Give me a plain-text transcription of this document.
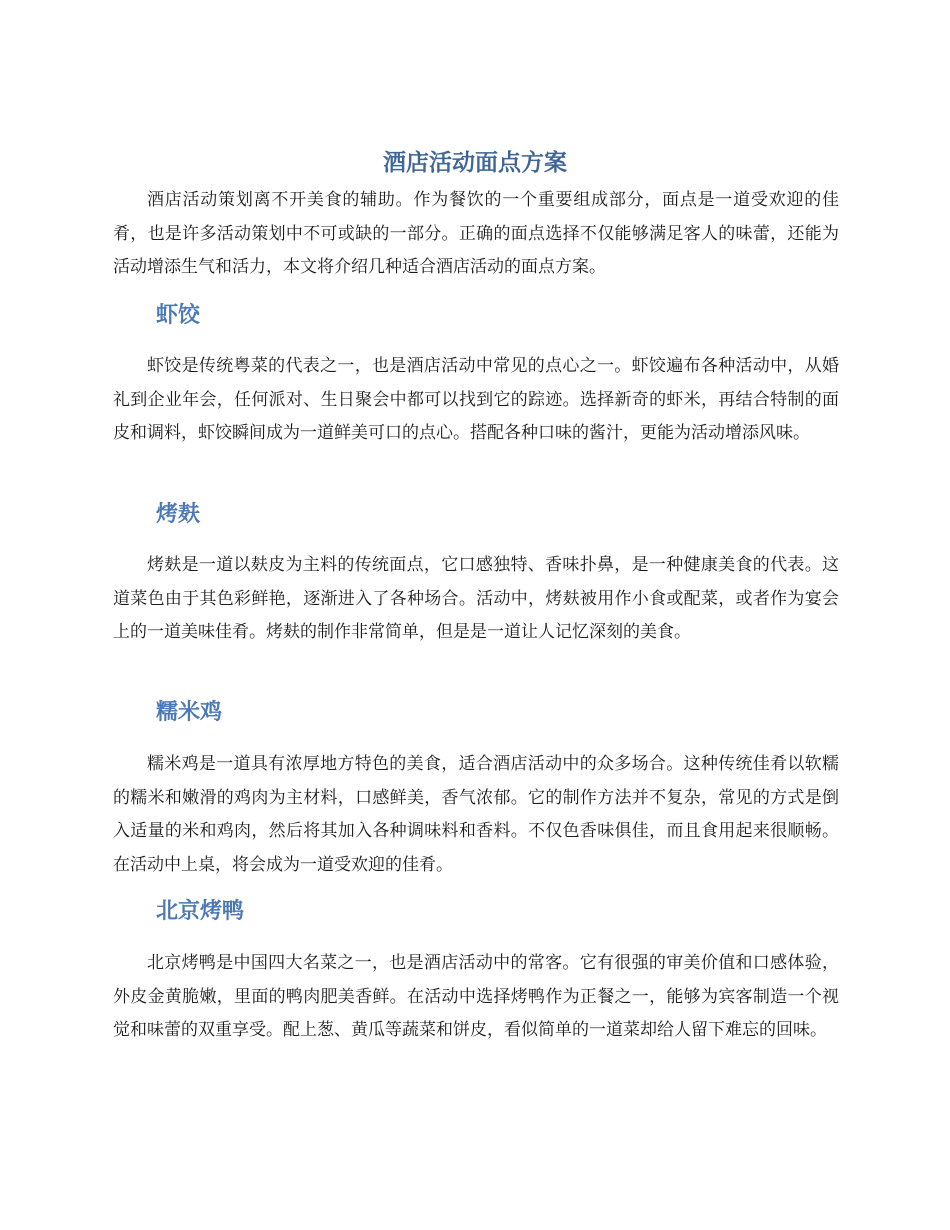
酒店活动面点方案

酒店活动策划离不开美食的辅助。作为餐饮的一个重要组成部分，面点是一道受欢迎的佳肴，也是许多活动策划中不可或缺的一部分。正确的面点选择不仅能够满足客人的味蕾，还能为活动增添生气和活力，本文将介绍几种适合酒店活动的面点方案。

虾饺

虾饺是传统粤菜的代表之一，也是酒店活动中常见的点心之一。虾饺遍布各种活动中，从婚礼到企业年会，任何派对、生日聚会中都可以找到它的踪迹。选择新奇的虾米，再结合特制的面皮和调料，虾饺瞬间成为一道鲜美可口的点心。搭配各种口味的酱汁，更能为活动增添风味。

烤麸

烤麸是一道以麸皮为主料的传统面点，它口感独特、香味扑鼻，是一种健康美食的代表。这道菜色由于其色彩鲜艳，逐渐进入了各种场合。活动中，烤麸被用作小食或配菜，或者作为宴会上的一道美味佳肴。烤麸的制作非常简单，但是是一道让人记忆深刻的美食。

糯米鸡

糯米鸡是一道具有浓厚地方特色的美食，适合酒店活动中的众多场合。这种传统佳肴以软糯的糯米和嫩滑的鸡肉为主材料，口感鲜美，香气浓郁。它的制作方法并不复杂，常见的方式是倒入适量的米和鸡肉，然后将其加入各种调味料和香料。不仅色香味俱佳，而且食用起来很顺畅。在活动中上桌，将会成为一道受欢迎的佳肴。

北京烤鸭

北京烤鸭是中国四大名菜之一，也是酒店活动中的常客。它有很强的审美价值和口感体验，外皮金黄脆嫩，里面的鸭肉肥美香鲜。在活动中选择烤鸭作为正餐之一，能够为宾客制造一个视觉和味蕾的双重享受。配上葱、黄瓜等蔬菜和饼皮，看似简单的一道菜却给人留下难忘的回味。
